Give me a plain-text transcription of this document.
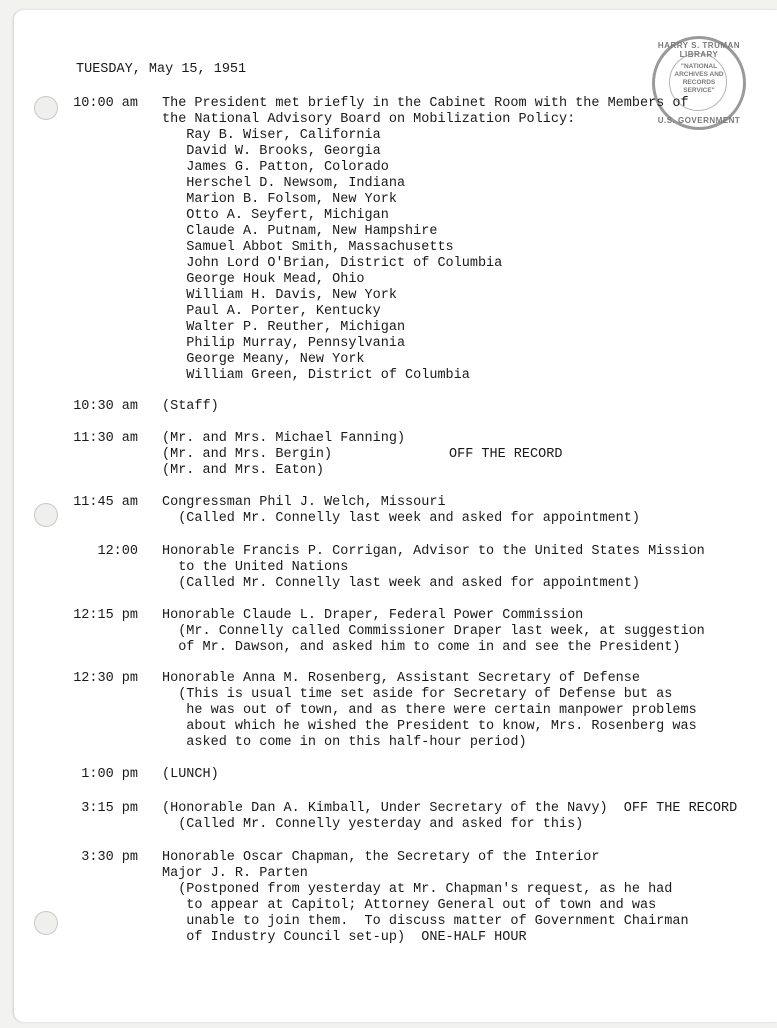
HARRY S. TRUMAN LIBRARY
"NATIONAL ARCHIVES AND RECORDS SERVICE"
U.S. GOVERNMENT
TUESDAY, May 15, 1951
10:00 am The President met briefly in the Cabinet Room with the Members of
the National Advisory Board on Mobilization Policy:
Ray B. Wiser, California
David W. Brooks, Georgia
James G. Patton, Colorado
Herschel D. Newsom, Indiana
Marion B. Folsom, New York
Otto A. Seyfert, Michigan
Claude A. Putnam, New Hampshire
Samuel Abbot Smith, Massachusetts
John Lord O'Brian, District of Columbia
George Houk Mead, Ohio
William H. Davis, New York
Paul A. Porter, Kentucky
Walter P. Reuther, Michigan
Philip Murray, Pennsylvania
George Meany, New York
William Green, District of Columbia
10:30 am (Staff)
11:30 am (Mr. and Mrs. Michael Fanning)
(Mr. and Mrs. Bergin)
(Mr. and Mrs. Eaton)
OFF THE RECORD
11:45 am Congressman Phil J. Welch, Missouri
(Called Mr. Connelly last week and asked for appointment)
12:00 Honorable Francis P. Corrigan, Advisor to the United States Mission
to the United Nations
(Called Mr. Connelly last week and asked for appointment)
12:15 pm Honorable Claude L. Draper, Federal Power Commission
(Mr. Connelly called Commissioner Draper last week, at suggestion
of Mr. Dawson, and asked him to come in and see the President)
12:30 pm Honorable Anna M. Rosenberg, Assistant Secretary of Defense
(This is usual time set aside for Secretary of Defense but as
he was out of town, and as there were certain manpower problems
about which he wished the President to know, Mrs. Rosenberg was
asked to come in on this half-hour period)
1:00 pm (LUNCH)
3:15 pm (Honorable Dan A. Kimball, Under Secretary of the Navy)  OFF THE RECORD
(Called Mr. Connelly yesterday and asked for this)
3:30 pm Honorable Oscar Chapman, the Secretary of the Interior
Major J. R. Parten
(Postponed from yesterday at Mr. Chapman's request, as he had
to appear at Capitol; Attorney General out of town and was
unable to join them.  To discuss matter of Government Chairman
of Industry Council set-up)  ONE-HALF HOUR
